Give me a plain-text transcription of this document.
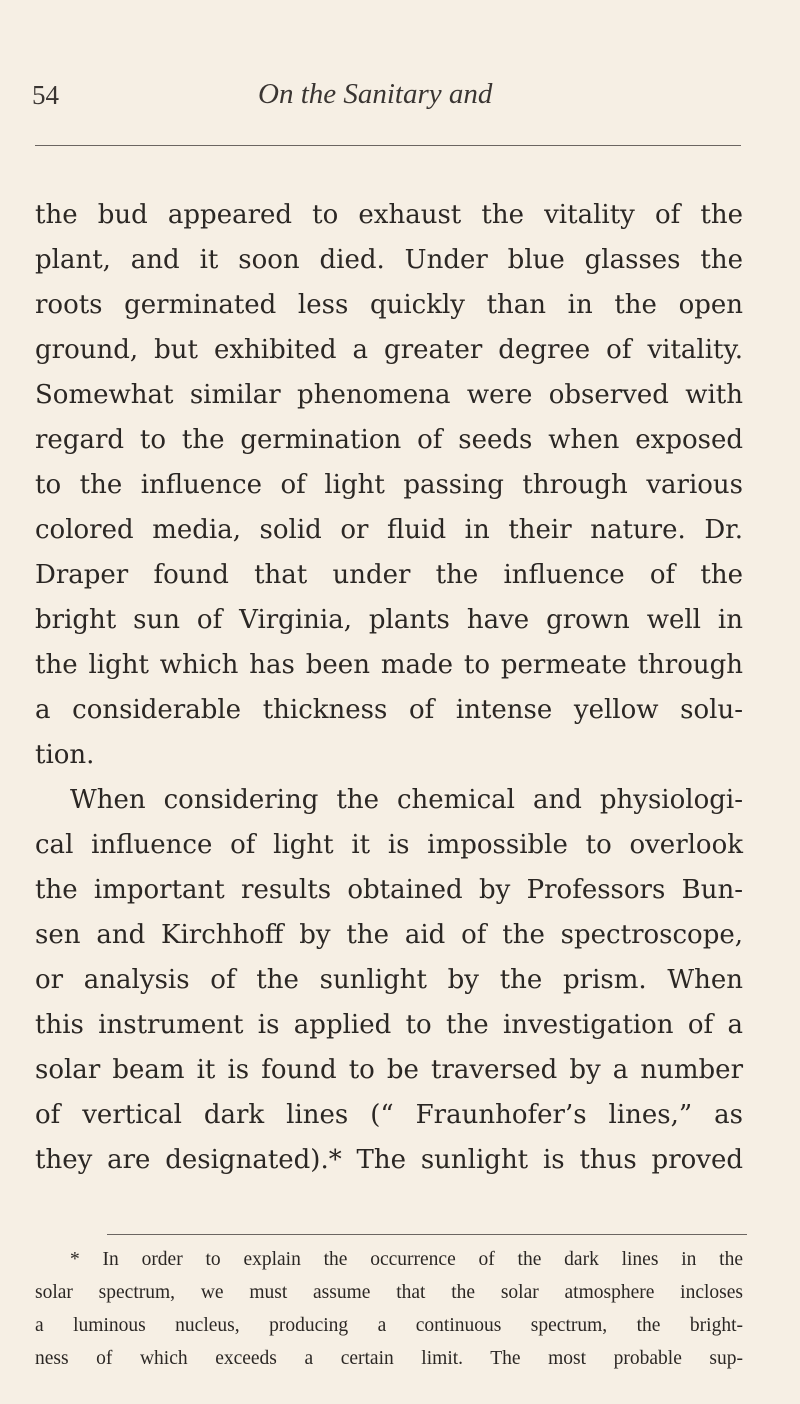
54	On the Sanitary and
the bud appeared to exhaust the vitality of the
plant, and it soon died. Under blue glasses the
roots germinated less quickly than in the open
ground, but exhibited a greater degree of vitality.
Somewhat similar phenomena were observed with
regard to the germination of seeds when exposed
to the influence of light passing through various
colored media, solid or fluid in their nature. Dr.
Draper found that under the influence of the
bright sun of Virginia, plants have grown well in
the light which has been made to permeate through
a considerable thickness of intense yellow solu-
tion.
When considering the chemical and physiologi-
cal influence of light it is impossible to overlook
the important results obtained by Professors Bun-
sen and Kirchhoff by the aid of the spectroscope,
or analysis of the sunlight by the prism. When
this instrument is applied to the investigation of a
solar beam it is found to be traversed by a number
of vertical dark lines (“ Fraunhofer’s lines,” as
they are designated).* The sunlight is thus proved
* In order to explain the occurrence of the dark lines in the
solar spectrum, we must assume that the solar atmosphere incloses
a luminous nucleus, producing a continuous spectrum, the bright-
ness of which exceeds a certain limit. The most probable sup-
